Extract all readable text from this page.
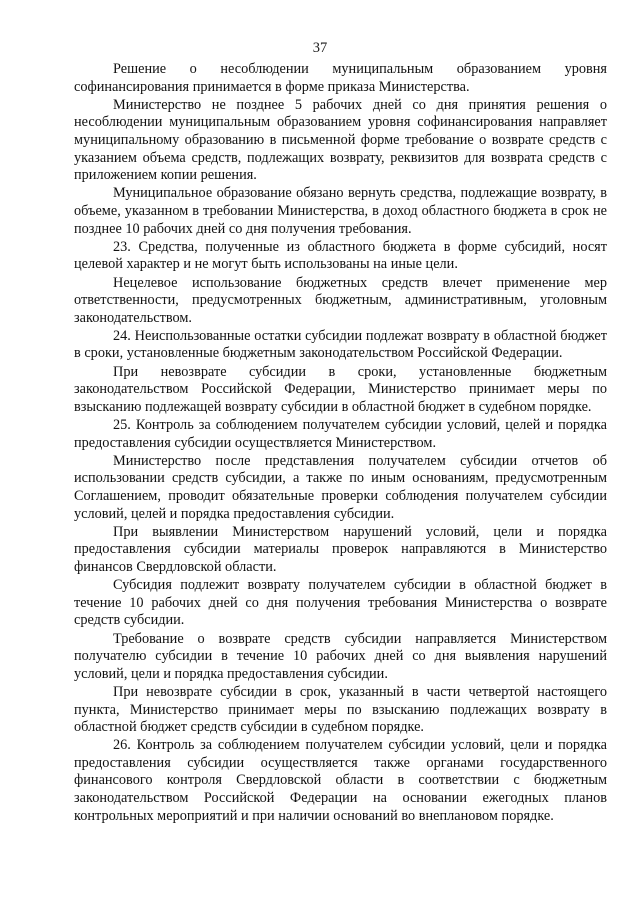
37

Решение о несоблюдении муниципальным образованием уровня софинансирования принимается в форме приказа Министерства.

Министерство не позднее 5 рабочих дней со дня принятия решения о несоблюдении муниципальным образованием уровня софинансирования направляет муниципальному образованию в письменной форме требование о возврате средств с указанием объема средств, подлежащих возврату, реквизитов для возврата средств с приложением копии решения.

Муниципальное образование обязано вернуть средства, подлежащие возврату, в объеме, указанном в требовании Министерства, в доход областного бюджета в срок не позднее 10 рабочих дней со дня получения требования.

23. Средства, полученные из областного бюджета в форме субсидий, носят целевой характер и не могут быть использованы на иные цели.

Нецелевое использование бюджетных средств влечет применение мер ответственности, предусмотренных бюджетным, административным, уголовным законодательством.

24. Неиспользованные остатки субсидии подлежат возврату в областной бюджет в сроки, установленные бюджетным законодательством Российской Федерации.

При невозврате субсидии в сроки, установленные бюджетным законодательством Российской Федерации, Министерство принимает меры по взысканию подлежащей возврату субсидии в областной бюджет в судебном порядке.

25. Контроль за соблюдением получателем субсидии условий, целей и порядка предоставления субсидии осуществляется Министерством.

Министерство после представления получателем субсидии отчетов об использовании средств субсидии, а также по иным основаниям, предусмотренным Соглашением, проводит обязательные проверки соблюдения получателем субсидии условий, целей и порядка предоставления субсидии.

При выявлении Министерством нарушений условий, цели и порядка предоставления субсидии материалы проверок направляются в Министерство финансов Свердловской области.

Субсидия подлежит возврату получателем субсидии в областной бюджет в течение 10 рабочих дней со дня получения требования Министерства о возврате средств субсидии.

Требование о возврате средств субсидии направляется Министерством получателю субсидии в течение 10 рабочих дней со дня выявления нарушений условий, цели и порядка предоставления субсидии.

При невозврате субсидии в срок, указанный в части четвертой настоящего пункта, Министерство принимает меры по взысканию подлежащих возврату в областной бюджет средств субсидии в судебном порядке.

26. Контроль за соблюдением получателем субсидии условий, цели и порядка предоставления субсидии осуществляется также органами государственного финансового контроля Свердловской области в соответствии с бюджетным законодательством Российской Федерации на основании ежегодных планов контрольных мероприятий и при наличии оснований во внеплановом порядке.
